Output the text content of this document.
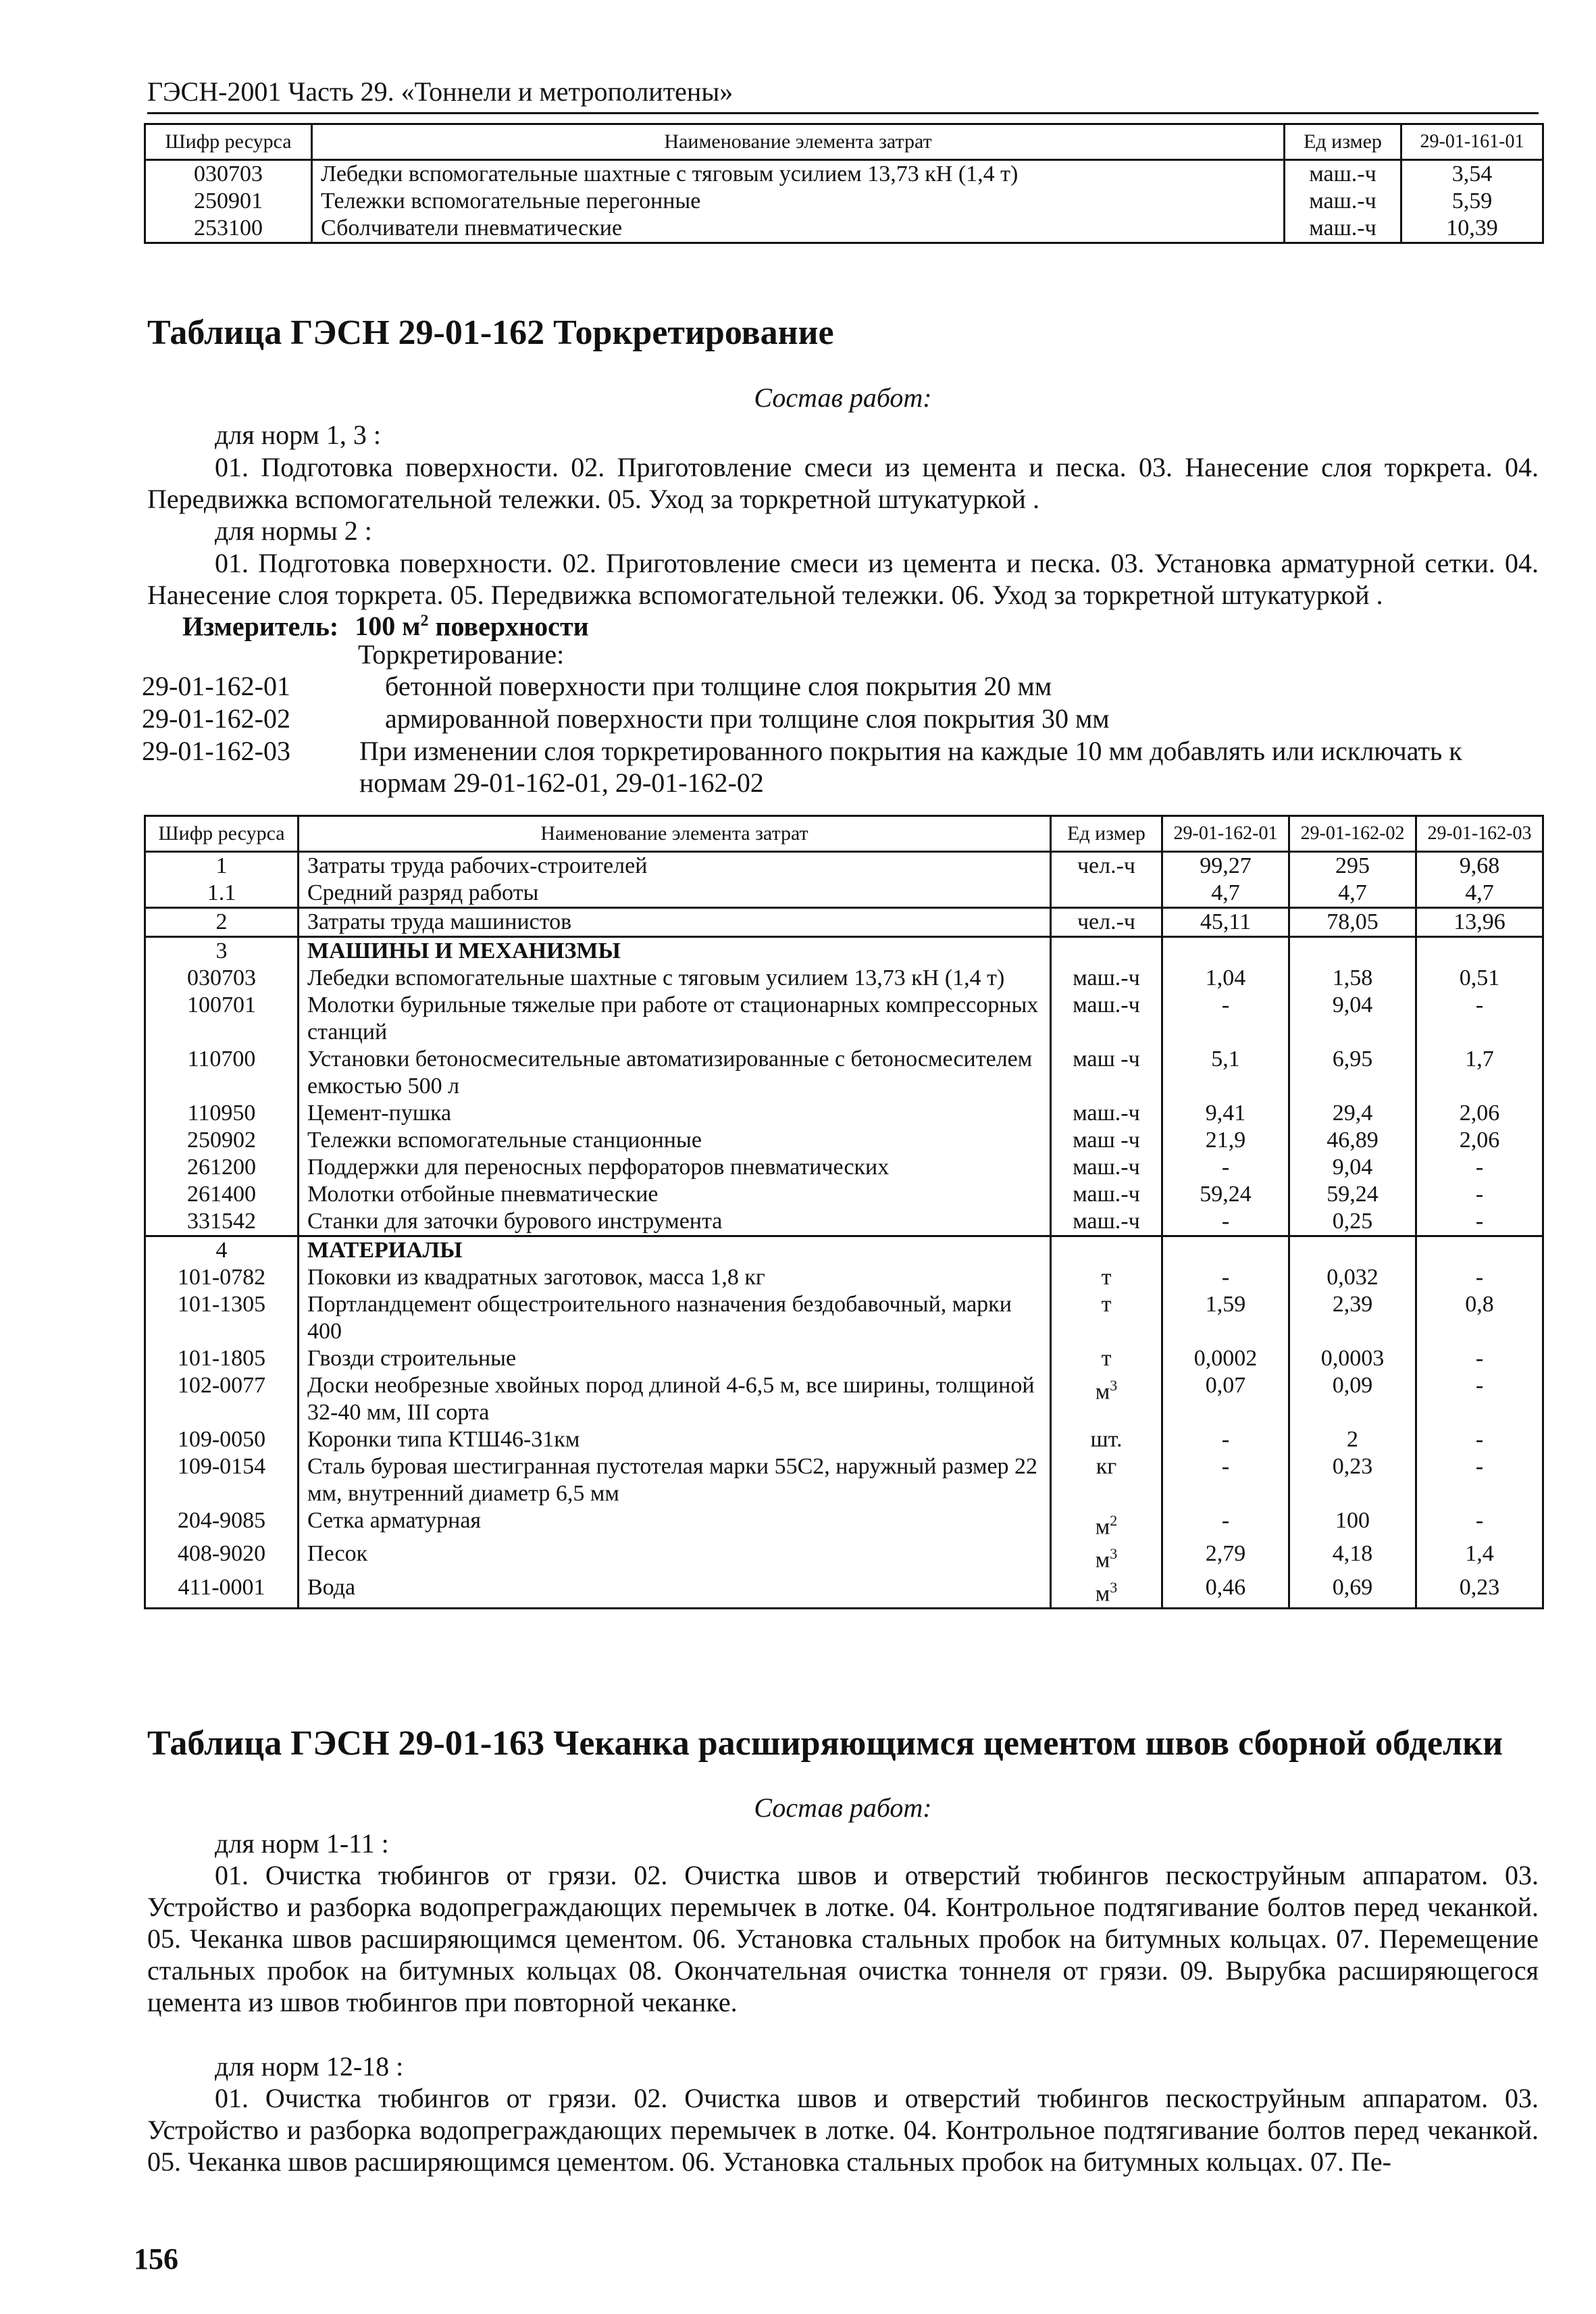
ГЭСН-2001 Часть 29. «Тоннели и метрополитены»
Шифр ресурса	Наименование элемента затрат	Ед измер	29-01-161-01
030703	Лебедки вспомогательные шахтные с тяговым усилием 13,73 кН (1,4 т)	маш.-ч	3,54
250901	Тележки вспомогательные перегонные	маш.-ч	5,59
253100	Сболчиватели пневматические	маш.-ч	10,39
Таблица ГЭСН 29-01-162 Торкретирование
Состав работ:
для норм 1, 3 :
01. Подготовка поверхности. 02. Приготовление смеси из цемента и песка. 03. Нанесение слоя торкрета. 04. Передвижка вспомогательной тележки. 05. Уход за торкретной штукатуркой .
для нормы 2 :
01. Подготовка поверхности. 02. Приготовление смеси из цемента и песка. 03. Установка арматурной сетки. 04. Нанесение слоя торкрета. 05. Передвижка вспомогательной тележки. 06. Уход за торкретной штукатуркой .
Измеритель: 100 $м^2$ поверхности
Торкретирование:
29-01-162-01	бетонной поверхности при толщине слоя покрытия 20 мм
29-01-162-02	армированной поверхности при толщине слоя покрытия 30 мм
29-01-162-03	При изменении слоя торкретированного покрытия на каждые 10 мм добавлять или исключать к нормам 29-01-162-01, 29-01-162-02
Шифр ресурса	Наименование элемента затрат	Ед измер	29-01-162-01	29-01-162-02	29-01-162-03
1	Затраты труда рабочих-строителей	чел.-ч	99,27	295	9,68
1.1	Средний разряд работы		4,7	4,7	4,7
2	Затраты труда машинистов	чел.-ч	45,11	78,05	13,96
3	МАШИНЫ И МЕХАНИЗМЫ				
030703	Лебедки вспомогательные шахтные с тяговым усилием 13,73 кН (1,4 т)	маш.-ч	1,04	1,58	0,51
100701	Молотки бурильные тяжелые при работе от стационарных компрессорных станций	маш.-ч	-	9,04	-
110700	Установки бетоносмесительные автоматизированные с бетоносмесителем емкостью 500 л	маш -ч	5,1	6,95	1,7
110950	Цемент-пушка	маш.-ч	9,41	29,4	2,06
250902	Тележки вспомогательные станционные	маш -ч	21,9	46,89	2,06
261200	Поддержки для переносных перфораторов пневматических	маш.-ч	-	9,04	-
261400	Молотки отбойные пневматические	маш.-ч	59,24	59,24	-
331542	Станки для заточки бурового инструмента	маш.-ч	-	0,25	-
4	МАТЕРИАЛЫ				
101-0782	Поковки из квадратных заготовок, масса 1,8 кг	т	-	0,032	-
101-1305	Портландцемент общестроительного назначения бездобавочный, марки 400	т	1,59	2,39	0,8
101-1805	Гвозди строительные	т	0,0002	0,0003	-
102-0077	Доски необрезные хвойных пород длиной 4-6,5 м, все ширины, толщиной 32-40 мм, III сорта	$м^3$	0,07	0,09	-
109-0050	Коронки типа КТШ46-31км	шт.	-	2	-
109-0154	Сталь буровая шестигранная пустотелая марки 55С2, наружный размер 22 мм, внутренний диаметр 6,5 мм	кг	-	0,23	-
204-9085	Сетка арматурная	$м^2$	-	100	-
408-9020	Песок	$м^3$	2,79	4,18	1,4
411-0001	Вода	$м^3$	0,46	0,69	0,23
Таблица ГЭСН 29-01-163 Чеканка расширяющимся цементом швов сборной обделки
Состав работ:
для норм 1-11 :
01. Очистка тюбингов от грязи. 02. Очистка швов и отверстий тюбингов пескоструйным аппаратом. 03. Устройство и разборка водопреграждающих перемычек в лотке. 04. Контрольное подтягивание болтов перед чеканкой. 05. Чеканка швов расширяющимся цементом. 06. Установка стальных пробок на битумных кольцах. 07. Перемещение стальных пробок на битумных кольцах 08. Окончательная очистка тоннеля от грязи. 09. Вырубка расширяющегося цемента из швов тюбингов при повторной чеканке.
для норм 12-18 :
01. Очистка тюбингов от грязи. 02. Очистка швов и отверстий тюбингов пескоструйным аппаратом. 03. Устройство и разборка водопреграждающих перемычек в лотке. 04. Контрольное подтягивание болтов перед чеканкой. 05. Чеканка швов расширяющимся цементом. 06. Установка стальных пробок на битумных кольцах. 07. Пе-
156
